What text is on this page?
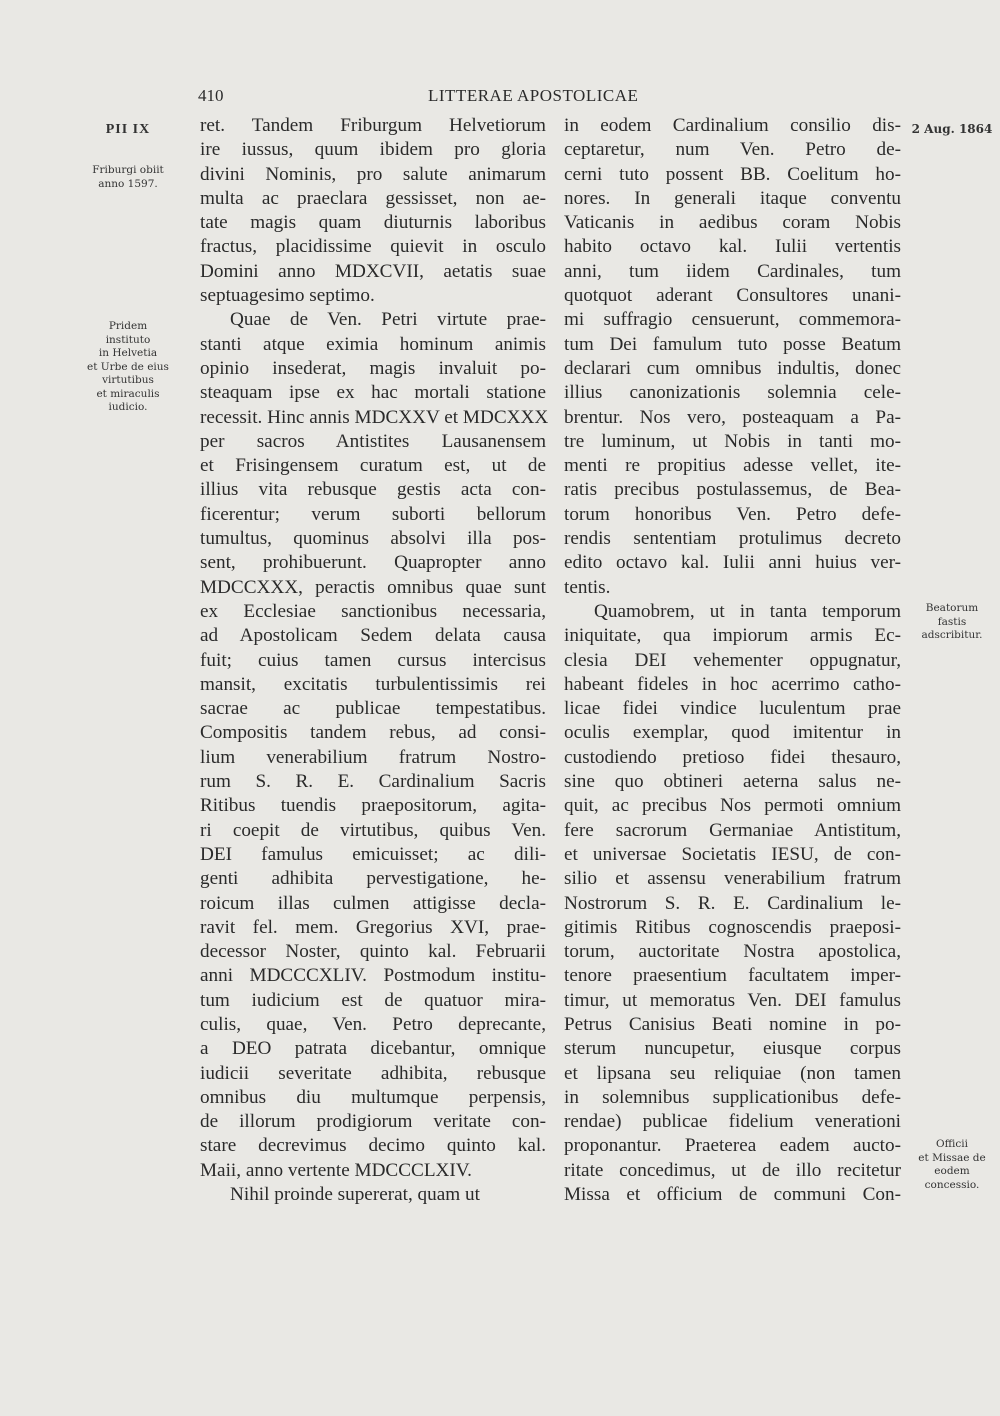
410	LITTERAE APOSTOLICAE
PII IX
Friburgi obiit
anno 1597.
Pridem
instituto
in Helvetia
et Urbe de eius
virtutibus
et miraculis
iudicio.
2 Aug. 1864
Beatorum
fastis
adscribitur.
Officii
et Missae de
eodem
concessio.
ret. Tandem Friburgum Helvetiorum
ire iussus, quum ibidem pro gloria
divini Nominis, pro salute animarum
multa ac praeclara gessisset, non ae-
tate magis quam diuturnis laboribus
fractus, placidissime quievit in osculo
Domini anno MDXCVII, aetatis suae
septuagesimo septimo.
Quae de Ven. Petri virtute prae-
stanti atque eximia hominum animis
opinio insederat, magis invaluit po-
steaquam ipse ex hac mortali statione
recessit. Hinc annis MDCXXV et MDCXXX
per sacros Antistites Lausanensem
et Frisingensem curatum est, ut de
illius vita rebusque gestis acta con-
ficerentur; verum suborti bellorum
tumultus, quominus absolvi illa pos-
sent, prohibuerunt. Quapropter anno
MDCCXXX, peractis omnibus quae sunt
ex Ecclesiae sanctionibus necessaria,
ad Apostolicam Sedem delata causa
fuit; cuius tamen cursus intercisus
mansit, excitatis turbulentissimis rei
sacrae ac publicae tempestatibus.
Compositis tandem rebus, ad consi-
lium venerabilium fratrum Nostro-
rum S. R. E. Cardinalium Sacris
Ritibus tuendis praepositorum, agita-
ri coepit de virtutibus, quibus Ven.
DEI famulus emicuisset; ac dili-
genti adhibita pervestigatione, he-
roicum illas culmen attigisse decla-
ravit fel. mem. Gregorius XVI, prae-
decessor Noster, quinto kal. Februarii
anni MDCCCXLIV. Postmodum institu-
tum iudicium est de quatuor mira-
culis, quae, Ven. Petro deprecante,
a DEO patrata dicebantur, omnique
iudicii severitate adhibita, rebusque
omnibus diu multumque perpensis,
de illorum prodigiorum veritate con-
stare decrevimus decimo quinto kal.
Maii, anno vertente MDCCCLXIV.
Nihil proinde supererat, quam ut
in eodem Cardinalium consilio dis-
ceptaretur, num Ven. Petro de-
cerni tuto possent BB. Coelitum ho-
nores. In generali itaque conventu
Vaticanis in aedibus coram Nobis
habito octavo kal. Iulii vertentis
anni, tum iidem Cardinales, tum
quotquot aderant Consultores unani-
mi suffragio censuerunt, commemora-
tum Dei famulum tuto posse Beatum
declarari cum omnibus indultis, donec
illius canonizationis solemnia cele-
brentur. Nos vero, posteaquam a Pa-
tre luminum, ut Nobis in tanti mo-
menti re propitius adesse vellet, ite-
ratis precibus postulassemus, de Bea-
torum honoribus Ven. Petro defe-
rendis sententiam protulimus decreto
edito octavo kal. Iulii anni huius ver-
tentis.
Quamobrem, ut in tanta temporum
iniquitate, qua impiorum armis Ec-
clesia DEI vehementer oppugnatur,
habeant fideles in hoc acerrimo catho-
licae fidei vindice luculentum prae
oculis exemplar, quod imitentur in
custodiendo pretioso fidei thesauro,
sine quo obtineri aeterna salus ne-
quit, ac precibus Nos permoti omnium
fere sacrorum Germaniae Antistitum,
et universae Societatis IESU, de con-
silio et assensu venerabilium fratrum
Nostrorum S. R. E. Cardinalium le-
gitimis Ritibus cognoscendis praeposi-
torum, auctoritate Nostra apostolica,
tenore praesentium facultatem imper-
timur, ut memoratus Ven. DEI famulus
Petrus Canisius Beati nomine in po-
sterum nuncupetur, eiusque corpus
et lipsana seu reliquiae (non tamen
in solemnibus supplicationibus defe-
rendae) publicae fidelium venerationi
proponantur. Praeterea eadem aucto-
ritate concedimus, ut de illo recitetur
Missa et officium de communi Con-
